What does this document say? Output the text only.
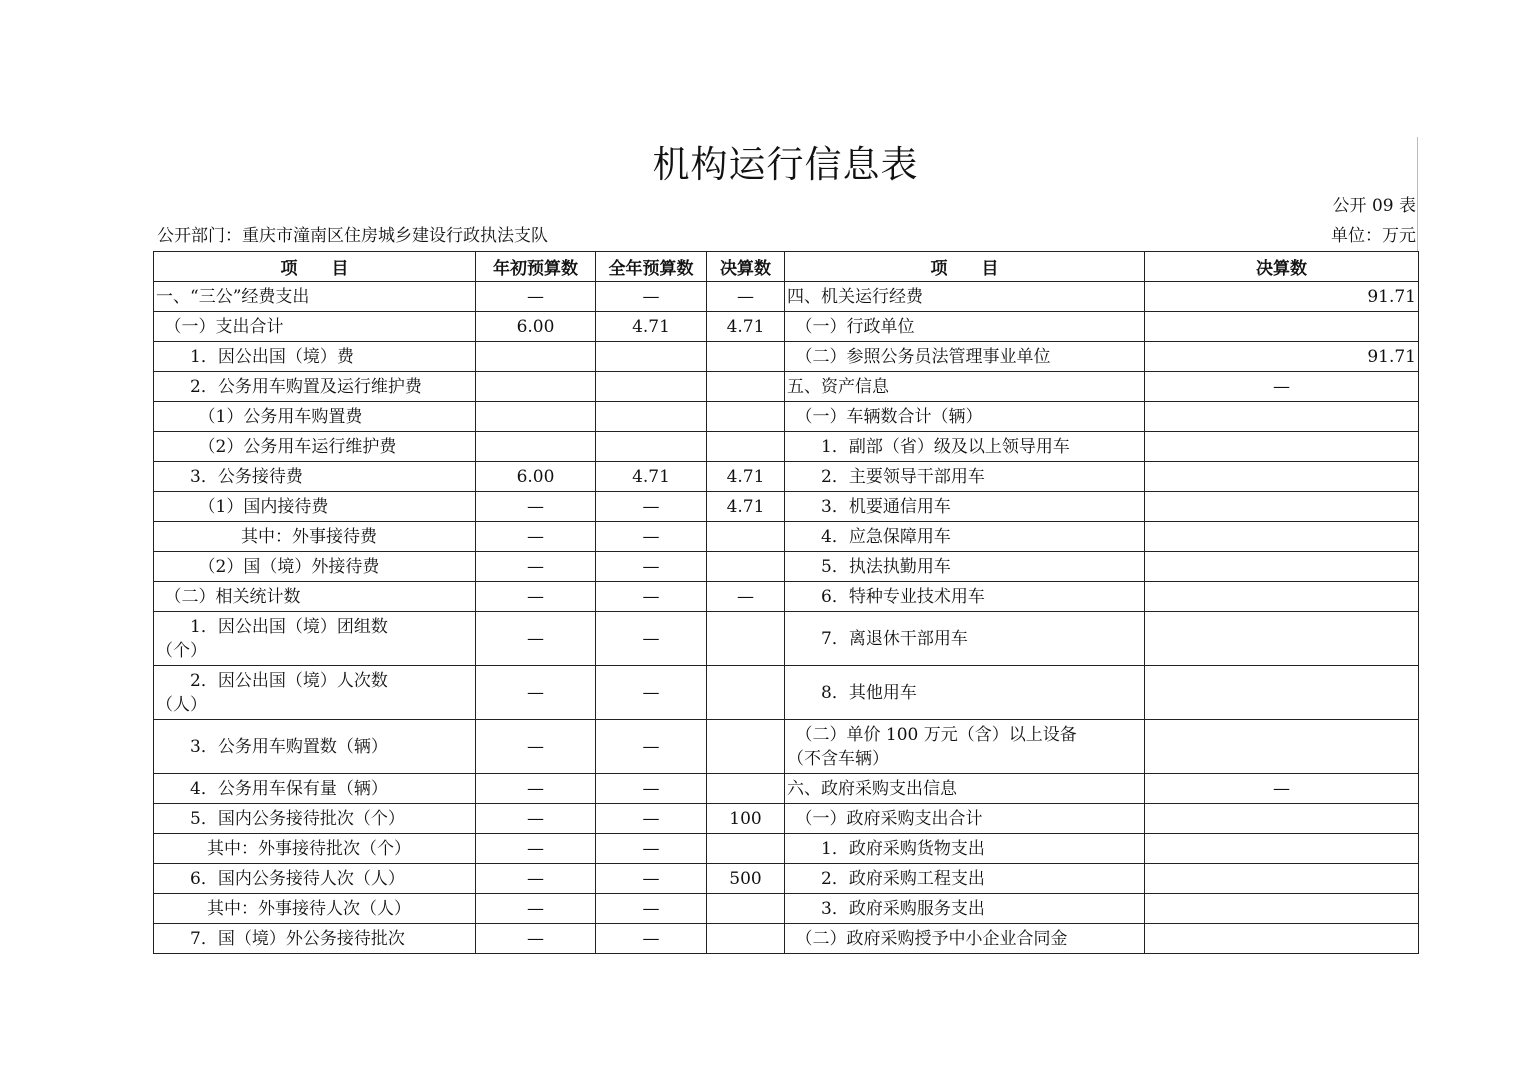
机构运行信息表
公开 09 表
公开部门：重庆市潼南区住房城乡建设行政执法支队	单位：万元
项　　目	年初预算数	全年预算数	决算数	项　　目	决算数
一、“三公”经费支出	—	—	—	四、机关运行经费	91.71
　（一）支出合计	6.00	4.71	4.71	　（一）行政单位	
　　1．因公出国（境）费				　（二）参照公务员法管理事业单位	91.71
　　2．公务用车购置及运行维护费				五、资产信息	—
　　　（1）公务用车购置费				　（一）车辆数合计（辆）	
　　　（2）公务用车运行维护费				　　1．副部（省）级及以上领导用车	
　　3．公务接待费	6.00	4.71	4.71	　　2．主要领导干部用车	
　　　（1）国内接待费	—	—	4.71	　　3．机要通信用车	
　　　　　其中：外事接待费	—	—		　　4．应急保障用车	
　　　（2）国（境）外接待费	—	—		　　5．执法执勤用车	
　（二）相关统计数	—	—	—	　　6．特种专业技术用车	
　　1．因公出国（境）团组数
（个）	—	—		　　7．离退休干部用车	
　　2．因公出国（境）人次数
（人）	—	—		　　8．其他用车	
　　3．公务用车购置数（辆）	—	—		　（二）单价 100 万元（含）以上设备
（不含车辆）	
　　4．公务用车保有量（辆）	—	—		六、政府采购支出信息	—
　　5．国内公务接待批次（个）	—	—	100	　（一）政府采购支出合计	
　　　其中：外事接待批次（个）	—	—		　　1．政府采购货物支出	
　　6．国内公务接待人次（人）	—	—	500	　　2．政府采购工程支出	
　　　其中：外事接待人次（人）	—	—		　　3．政府采购服务支出	
　　7．国（境）外公务接待批次	—	—		　（二）政府采购授予中小企业合同金	
